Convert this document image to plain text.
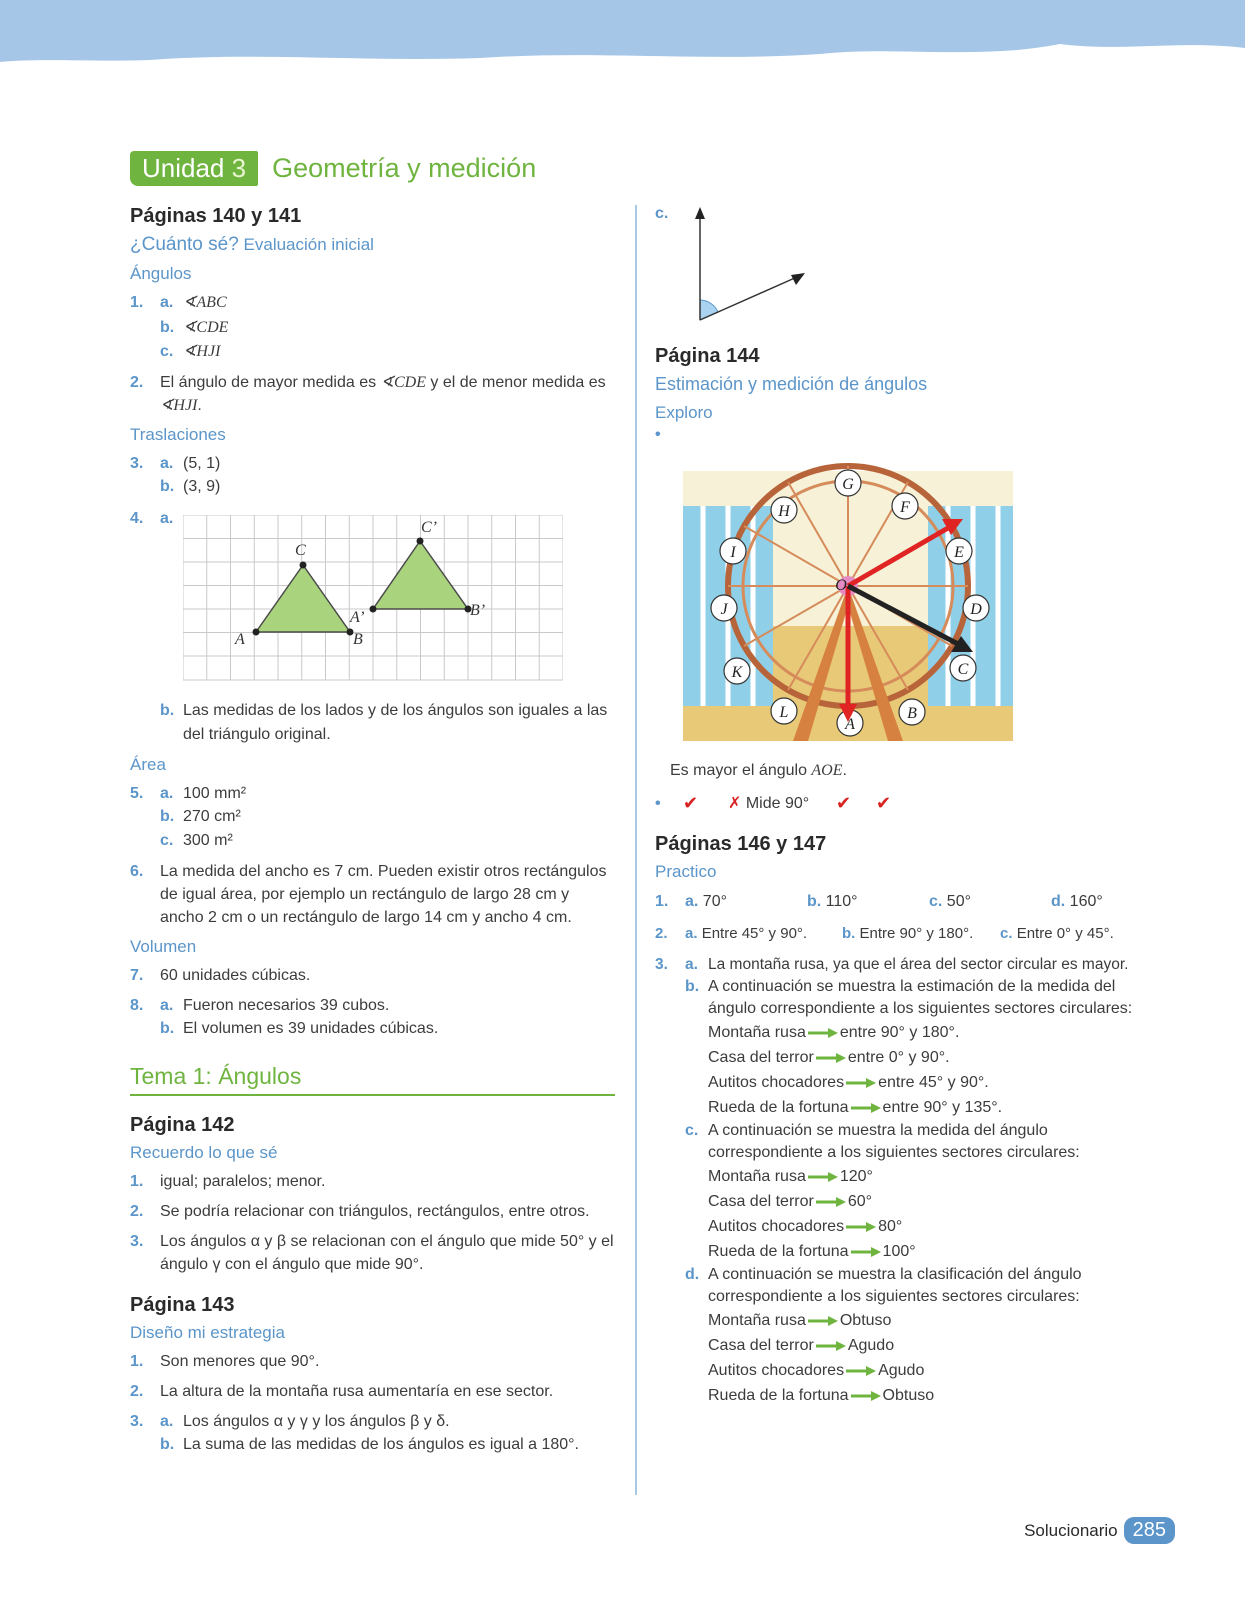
Unidad 3 Geometría y medición

Páginas 140 y 141

¿Cuánto sé? Evaluación inicial
Ángulos
1.	a. ∢ABC
b. ∢CDE
c. ∢HJI
2.	El ángulo de mayor medida es ∢CDE y el de menor medida es ∢HJI.
Traslaciones
3.	a. (5, 1)
b. (3, 9)
4.	a.
A
C
B
A’
C’
B’
b. Las medidas de los lados y de los ángulos son iguales a las del triángulo original.
Área
5.	a. 100 mm²
b. 270 cm²
c. 300 m²
6.	La medida del ancho es 7 cm. Pueden existir otros rectángulos de igual área, por ejemplo un rectángulo de largo 28 cm y ancho 2 cm o un rectángulo de largo 14 cm y ancho 4 cm.
Volumen
7.	60 unidades cúbicas.
8.	a. Fueron necesarios 39 cubos.
b. El volumen es 39 unidades cúbicas.
Tema 1: Ángulos

Página 142

Recuerdo lo que sé
1.	igual; paralelos; menor.
2.	Se podría relacionar con triángulos, rectángulos, entre otros.
3.	Los ángulos α y β se relacionan con el ángulo que mide 50° y el ángulo γ con el ángulo que mide 90°.

Página 143

Diseño mi estrategia
1.	Son menores que 90°.
2.	La altura de la montaña rusa aumentaría en ese sector.
3.	a. Los ángulos α y γ y los ángulos β y δ.
b. La suma de las medidas de los ángulos es igual a 180°.
c.

Página 144

Estimación y medición de ángulos
Exploro
•
G
H	F
I	E
O
J	D
K	C
L
A
B
Es mayor el ángulo AOE.
•	✔	✗ Mide 90°	✔	✔

Páginas 146 y 147

Practico
1.	a. 70°	b. 110°	c. 50°	d. 160°
2.	a. Entre 45° y 90°.	b. Entre 90° y 180°.	c. Entre 0° y 45°.
3.	a. La montaña rusa, ya que el área del sector circular es mayor.
b. A continuación se muestra la estimación de la medida del ángulo correspondiente a los siguientes sectores circulares:
Montaña rusa entre 90° y 180°.
Casa del terror entre 0° y 90°.
Autitos chocadores entre 45° y 90°.
Rueda de la fortuna entre 90° y 135°.
c. A continuación se muestra la medida del ángulo correspondiente a los siguientes sectores circulares:
Montaña rusa 120°
Casa del terror 60°
Autitos chocadores 80°
Rueda de la fortuna 100°
d. A continuación se muestra la clasificación del ángulo correspondiente a los siguientes sectores circulares:
Montaña rusa Obtuso
Casa del terror Agudo
Autitos chocadores Agudo
Rueda de la fortuna Obtuso
Solucionario 285
